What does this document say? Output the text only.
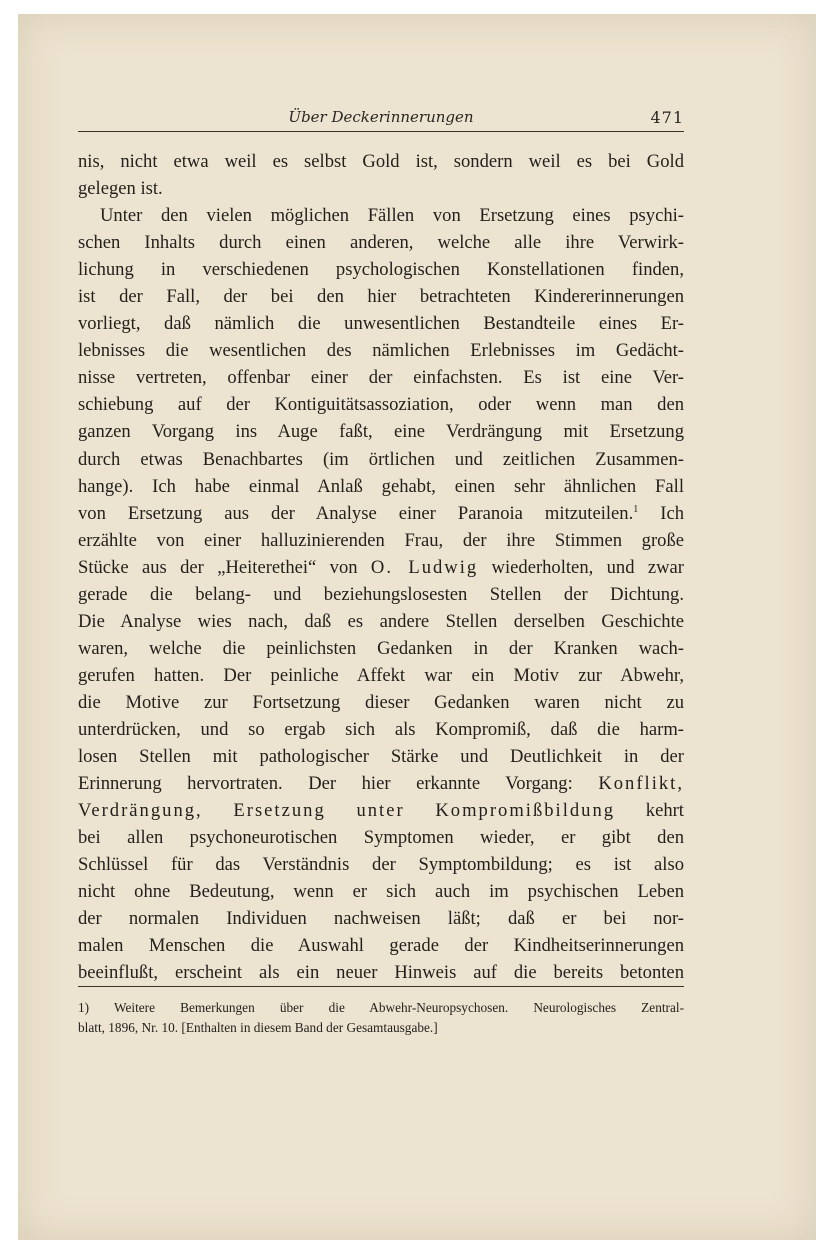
Über Deckerinnerungen	471
nis, nicht etwa weil es selbst Gold ist, sondern weil es bei Gold
gelegen ist.
Unter den vielen möglichen Fällen von Ersetzung eines psychi-
schen Inhalts durch einen anderen, welche alle ihre Verwirk-
lichung in verschiedenen psychologischen Konstellationen finden,
ist der Fall, der bei den hier betrachteten Kindererinnerungen
vorliegt, daß nämlich die unwesentlichen Bestandteile eines Er-
lebnisses die wesentlichen des nämlichen Erlebnisses im Gedächt-
nisse vertreten, offenbar einer der einfachsten. Es ist eine Ver-
schiebung auf der Kontiguitätsassoziation, oder wenn man den
ganzen Vorgang ins Auge faßt, eine Verdrängung mit Ersetzung
durch etwas Benachbartes (im örtlichen und zeitlichen Zusammen-
hange). Ich habe einmal Anlaß gehabt, einen sehr ähnlichen Fall
von Ersetzung aus der Analyse einer Paranoia mitzuteilen.$^1$ Ich
erzählte von einer halluzinierenden Frau, der ihre Stimmen große
Stücke aus der „Heiterethei“ von O. Ludwig wiederholten, und zwar
gerade die belang- und beziehungslosesten Stellen der Dichtung.
Die Analyse wies nach, daß es andere Stellen derselben Geschichte
waren, welche die peinlichsten Gedanken in der Kranken wach-
gerufen hatten. Der peinliche Affekt war ein Motiv zur Abwehr,
die Motive zur Fortsetzung dieser Gedanken waren nicht zu
unterdrücken, und so ergab sich als Kompromiß, daß die harm-
losen Stellen mit pathologischer Stärke und Deutlichkeit in der
Erinnerung hervortraten. Der hier erkannte Vorgang: Konflikt,
Verdrängung, Ersetzung unter Kompromißbildung kehrt
bei allen psychoneurotischen Symptomen wieder, er gibt den
Schlüssel für das Verständnis der Symptombildung; es ist also
nicht ohne Bedeutung, wenn er sich auch im psychischen Leben
der normalen Individuen nachweisen läßt; daß er bei nor-
malen Menschen die Auswahl gerade der Kindheitserinnerungen
beeinflußt, erscheint als ein neuer Hinweis auf die bereits betonten
1) Weitere Bemerkungen über die Abwehr-Neuropsychosen. Neurologisches Zentral-
blatt, 1896, Nr. 10. [Enthalten in diesem Band der Gesamtausgabe.]
